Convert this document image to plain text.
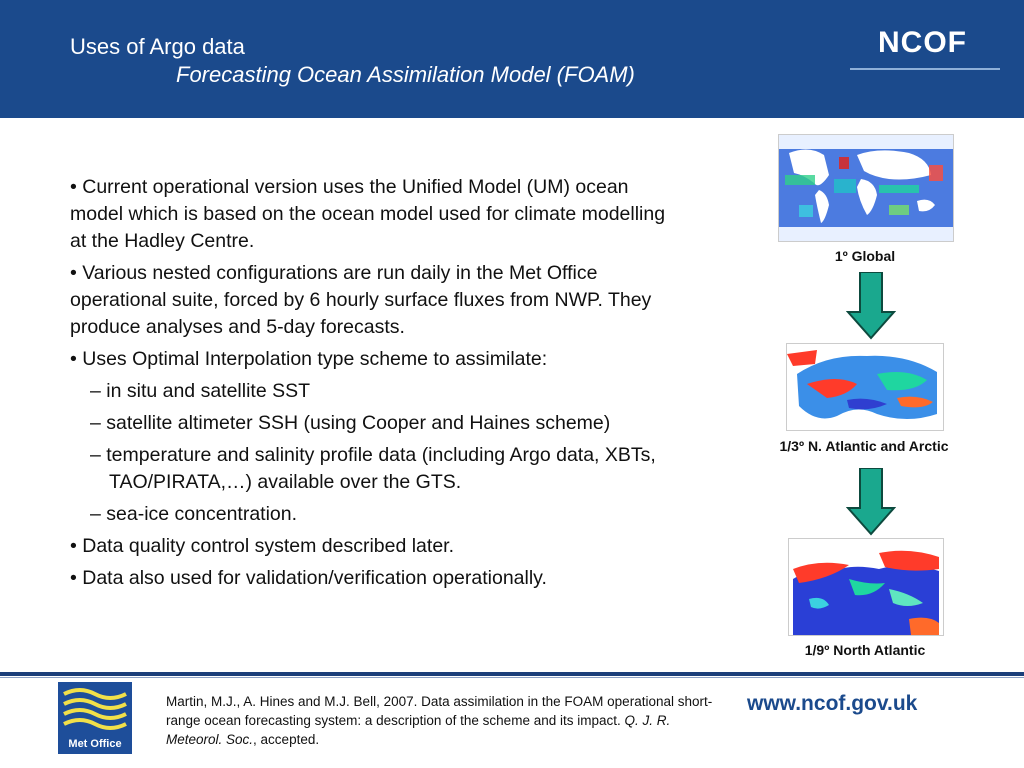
Uses of Argo data
Forecasting Ocean Assimilation Model (FOAM)
NCOF
• Current operational version uses the Unified Model (UM) ocean model which is based on the ocean model used for climate modelling at the Hadley Centre.
• Various nested configurations are run daily in the Met Office operational suite, forced by 6 hourly surface fluxes from NWP. They produce analyses and 5-day forecasts.
• Uses Optimal Interpolation type scheme to assimilate:
– in situ and satellite SST
– satellite altimeter SSH (using Cooper and Haines scheme)
– temperature and salinity profile data (including Argo data, XBTs, TAO/PIRATA,…) available over the GTS.
– sea-ice concentration.
• Data quality control system described later.
• Data also used for validation/verification operationally.
1º Global
1/3º N. Atlantic and Arctic
1/9º North Atlantic
Met Office
Martin, M.J., A. Hines and M.J. Bell, 2007. Data assimilation in the FOAM operational short-range ocean forecasting system: a description of the scheme and its impact. Q. J. R. Meteorol. Soc., accepted.
www.ncof.gov.uk
